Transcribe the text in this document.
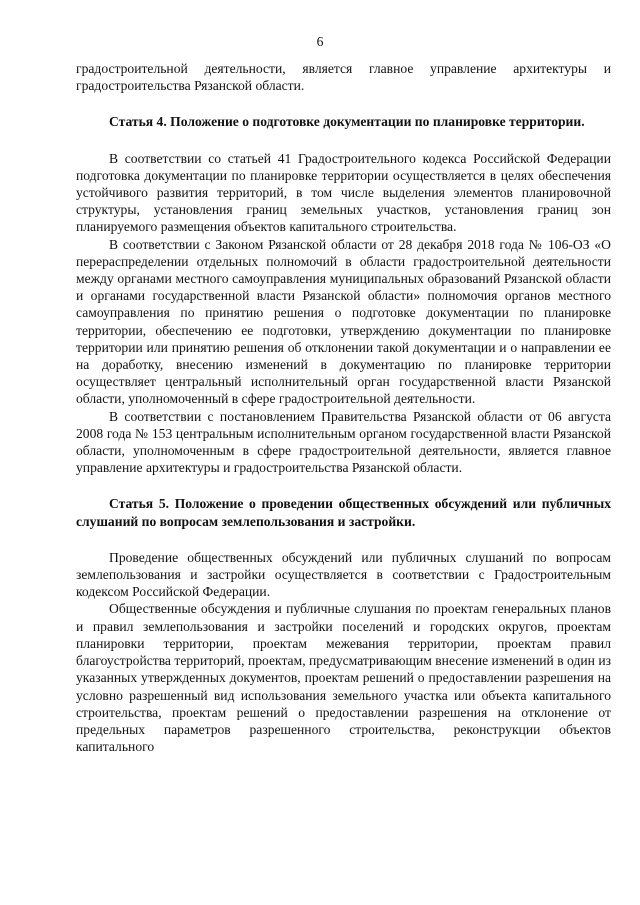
6

градостроительной деятельности, является главное управление архитектуры и градостроительства Рязанской области.

Статья 4. Положение о подготовке документации по планировке территории.

В соответствии со статьей 41 Градостроительного кодекса Российской Федерации подготовка документации по планировке территории осуществляется в целях обеспечения устойчивого развития территорий, в том числе выделения элементов планировочной структуры, установления границ земельных участков, установления границ зон планируемого размещения объектов капитального строительства.

В соответствии с Законом Рязанской области от 28 декабря 2018 года № 106-ОЗ «О перераспределении отдельных полномочий в области градостроительной деятельности между органами местного самоуправления муниципальных образований Рязанской области и органами государственной власти Рязанской области» полномочия органов местного самоуправления по принятию решения о подготовке документации по планировке территории, обеспечению ее подготовки, утверждению документации по планировке территории или принятию решения об отклонении такой документации и о направлении ее на доработку, внесению изменений в документацию по планировке территории осуществляет центральный исполнительный орган государственной власти Рязанской области, уполномоченный в сфере градостроительной деятельности.

В соответствии с постановлением Правительства Рязанской области от 06 августа 2008 года № 153 центральным исполнительным органом государственной власти Рязанской области, уполномоченным в сфере градостроительной деятельности, является главное управление архитектуры и градостроительства Рязанской области.

Статья 5. Положение о проведении общественных обсуждений или публичных слушаний по вопросам землепользования и застройки.

Проведение общественных обсуждений или публичных слушаний по вопросам землепользования и застройки осуществляется в соответствии с Градостроительным кодексом Российской Федерации.

Общественные обсуждения и публичные слушания по проектам генеральных планов и правил землепользования и застройки поселений и городских округов, проектам планировки территории, проектам межевания территории, проектам правил благоустройства территорий, проектам, предусматривающим внесение изменений в один из указанных утвержденных документов, проектам решений о предоставлении разрешения на условно разрешенный вид использования земельного участка или объекта капитального строительства, проектам решений о предоставлении разрешения на отклонение от предельных параметров разрешенного строительства, реконструкции объектов капитального
